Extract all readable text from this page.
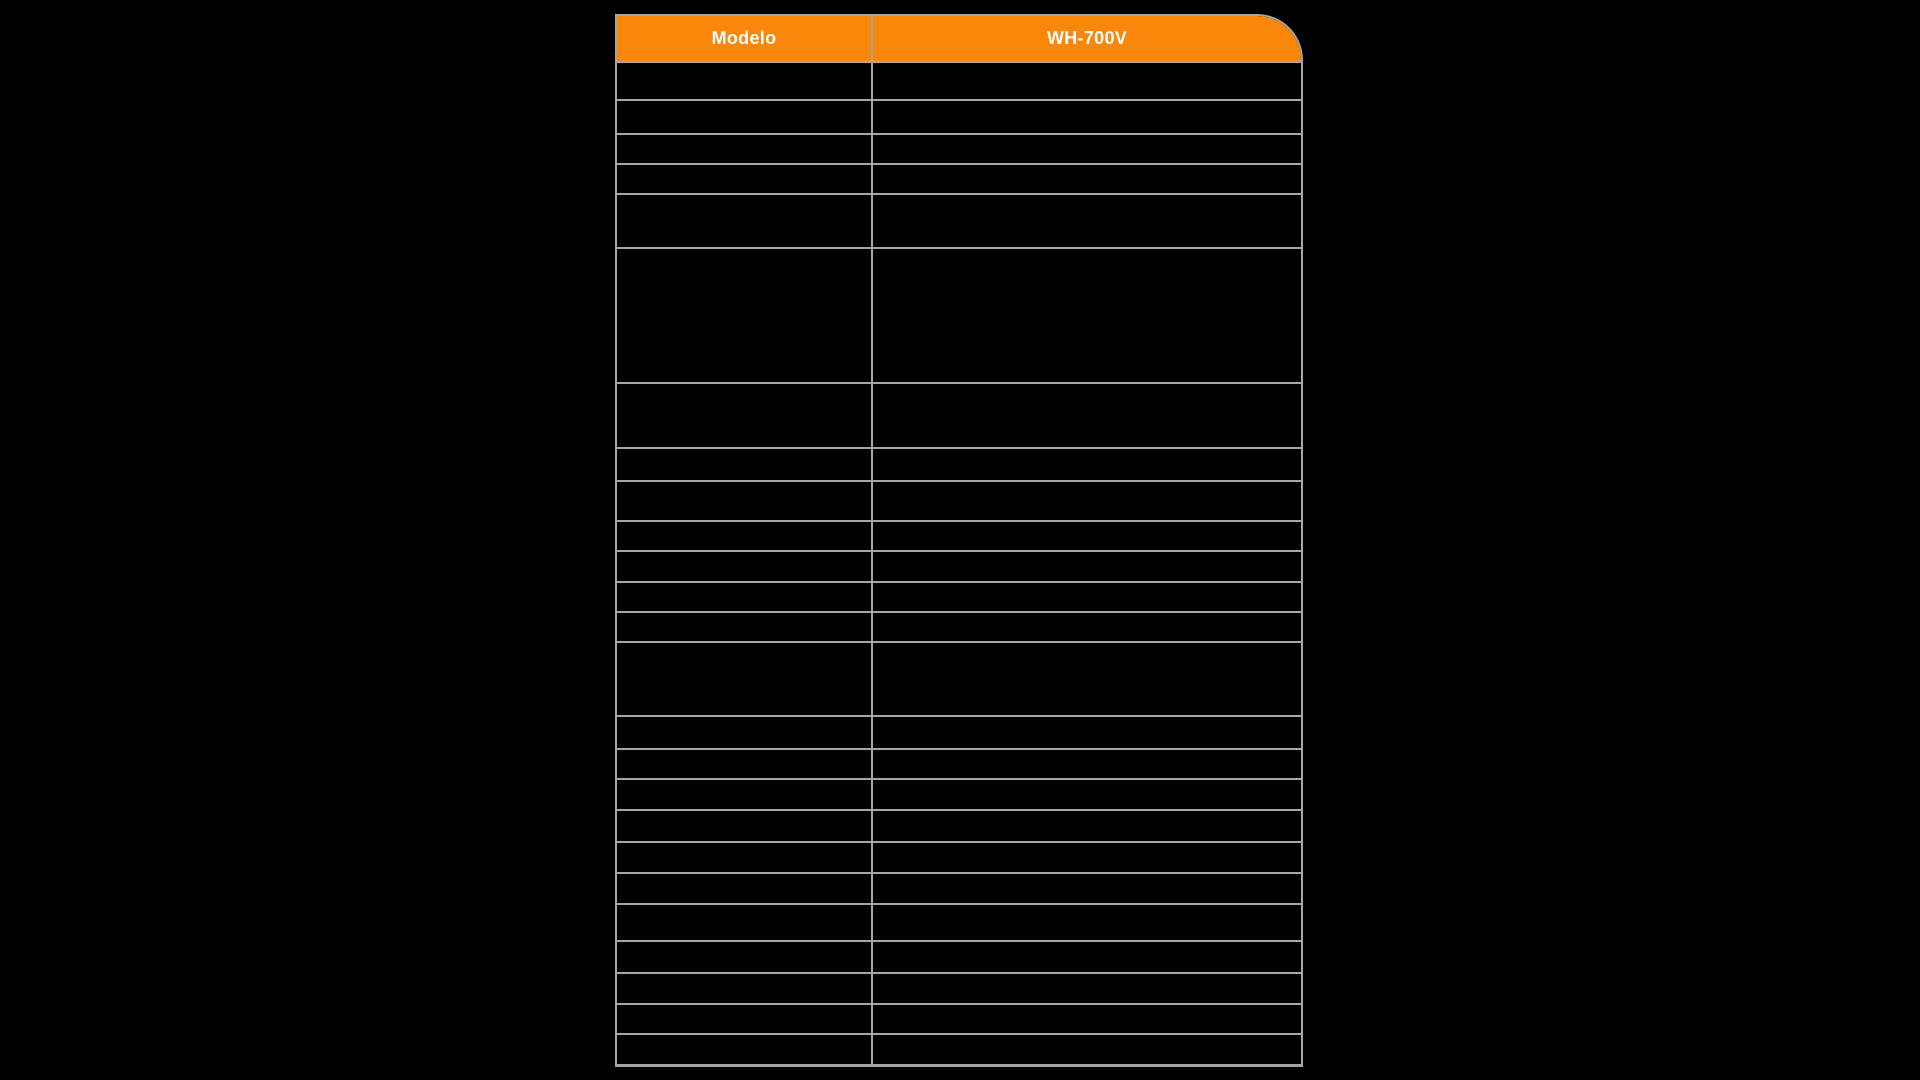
Modelo	WH-700V
